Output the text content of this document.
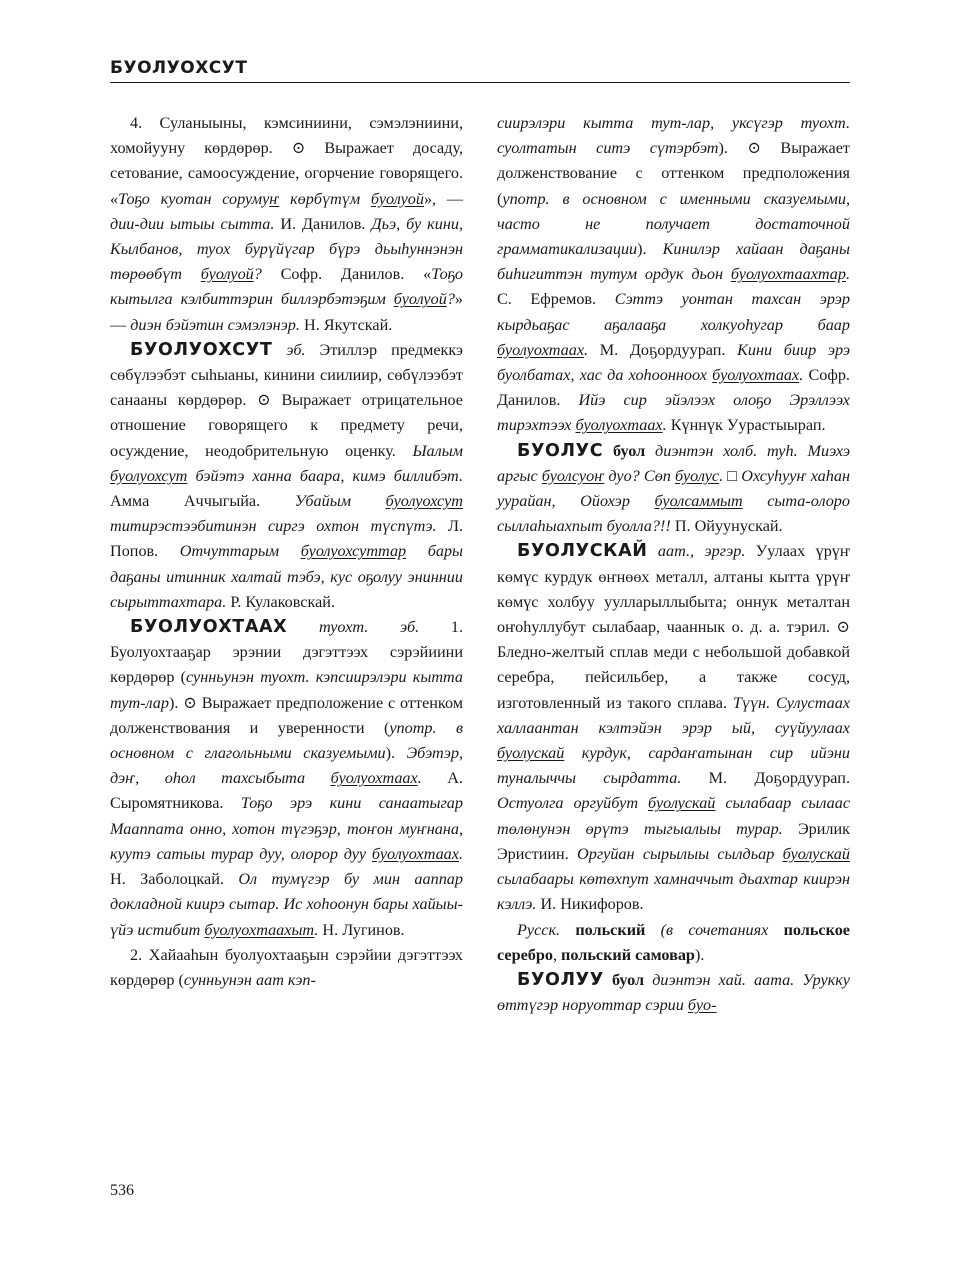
БУОЛУОХСУТ

4. Суланыыны, кэмсиниини, сэмэлэниини, хомойууну көрдөрөр. ⊙ Выражает досаду, сетование, самоосуждение, огорчение говорящего. «Тоҕо куотан сорумуҥ көрбүтүм буолуой», — дии-дии ытыы сытта. И. Данилов. Дьэ, бу кини, Кылбанов, туох бурүйүгар бүрэ дьыһуннэнэн төрөөбүт буолуой? Софр. Данилов. «Тоҕо кытылга кэлбиттэрин биллэрбэтэҕим буолуой?» — диэн бэйэтин сэмэлэнэр. Н. Якутскай.

БУОЛУОХСУТ эб. Этиллэр предмеккэ сөбүлээбэт сыһыаны, кинини сиилиир, сөбүлээбэт санааны көрдөрөр. ⊙ Выражает отрицательное отношение говорящего к предмету речи, осуждение, неодобрительную оценку. Ыалым буолуохсут бэйэтэ ханна баара, кимэ биллибэт. Амма Аччыгыйа. Убайым буолуохсут титирэстээбитинэн сиргэ охтон түспүтэ. Л. Попов. Отчуттарым буолуохсуттар бары даҕаны итинник халтай тэбэ, кус оҕолуу эниннии сырыттахтара. Р. Кулаковскай.

БУОЛУОХТААХ туохт. эб. 1. Буолуохтааҕар эрэнии дэгэттээх сэрэйиини көрдөрөр (сунньунэн туохт. кэпсиирэлэри кытта тут-лар). ⊙ Выражает предположение с оттенком долженствования и уверенности (употр. в основном с глагольными сказуемыми). Эбэтэр, дэҥ, оһол тахсыбыта буолуохтаах. А. Сыромятникова. Тоҕо эрэ кини санаатыгар Мааппата онно, хотон түгэҕэр, тоҥон муҥнана, куутэ сатыы турар дуу, олорор дуу буолуохтаах. Н. Заболоцкай. Ол тумүгэр бу мин ааппар докладной киирэ сытар. Ис хоһоонун бары хайыы-үйэ истибит буолуохтаахыт. Н. Лугинов.

2. Хайааһын буолуохтааҕын сэрэйии дэгэттээх көрдөрөр (сунньунэн аат кэп-

сиирэлэри кытта тут-лар, уксүгэр туохт. суолтатын ситэ сүтэрбэт). ⊙ Выражает долженствование с оттенком предположения (употр. в основном с именными сказуемыми, часто не получает достаточной грамматикализации). Кинилэр хайаан даҕаны биһигиттэн тутум ордук дьон буолуохтаахтар. С. Ефремов. Сэттэ уонтан тахсан эрэр кырдьаҕас аҕалааҕа холкуоһугар баар буолуохтаах. М. Доҕордуурап. Кини биир эрэ буолбатах, хас да хоһоонноох буолуохтаах. Софр. Данилов. Ийэ сир эйэлээх олоҕо Эрэллээх тирэхтээх буолуохтаах. Күннүк Уурастыырап.

БУОЛУС буол диэнтэн холб. туһ. Миэхэ аргыс буолсуоҥ дуо? Сөп буолус. □ Охсуһууҥ хаһан уурайан, Ойохэр буолсаммыт сыта-олоро сыллаһыахпыт буолла?!! П. Ойуунускай.

БУОЛУСКАЙ аат., эргэр. Уулаах үрүҥ көмүс курдук өҥнөөх металл, алтаны кытта үрүҥ көмүс холбуу уулларыллыбыта; оннук металтан оҥоһуллубут сылабаар, чааннык о. д. а. тэрил. ⊙ Бледно-желтый сплав меди с небольшой добавкой серебра, пейсильбер, а также сосуд, изготовленный из такого сплава. Түүн. Сулустаах халлаантан кэлтэйэн эрэр ый, суүйуулаах буолускай курдук, сардаҥатынан сир ийэни туналыччы сырдатта. М. Доҕордуурап. Остуолга оргуйбут буолускай сылабаар сылаас төлөнунэн өрүтэ тыгыалыы турар. Эрилик Эристиин. Оргуйан сырылыы сылдьар буолускай сылабаары көтөхпут хамначчыт дьахтар киирэн кэллэ. И. Никифоров.

Русск. польский (в сочетаниях польское серебро, польский самовар).

БУОЛУУ буол диэнтэн хай. аата. Урукку өттүгэр норуоттар сэрии буо-

536
